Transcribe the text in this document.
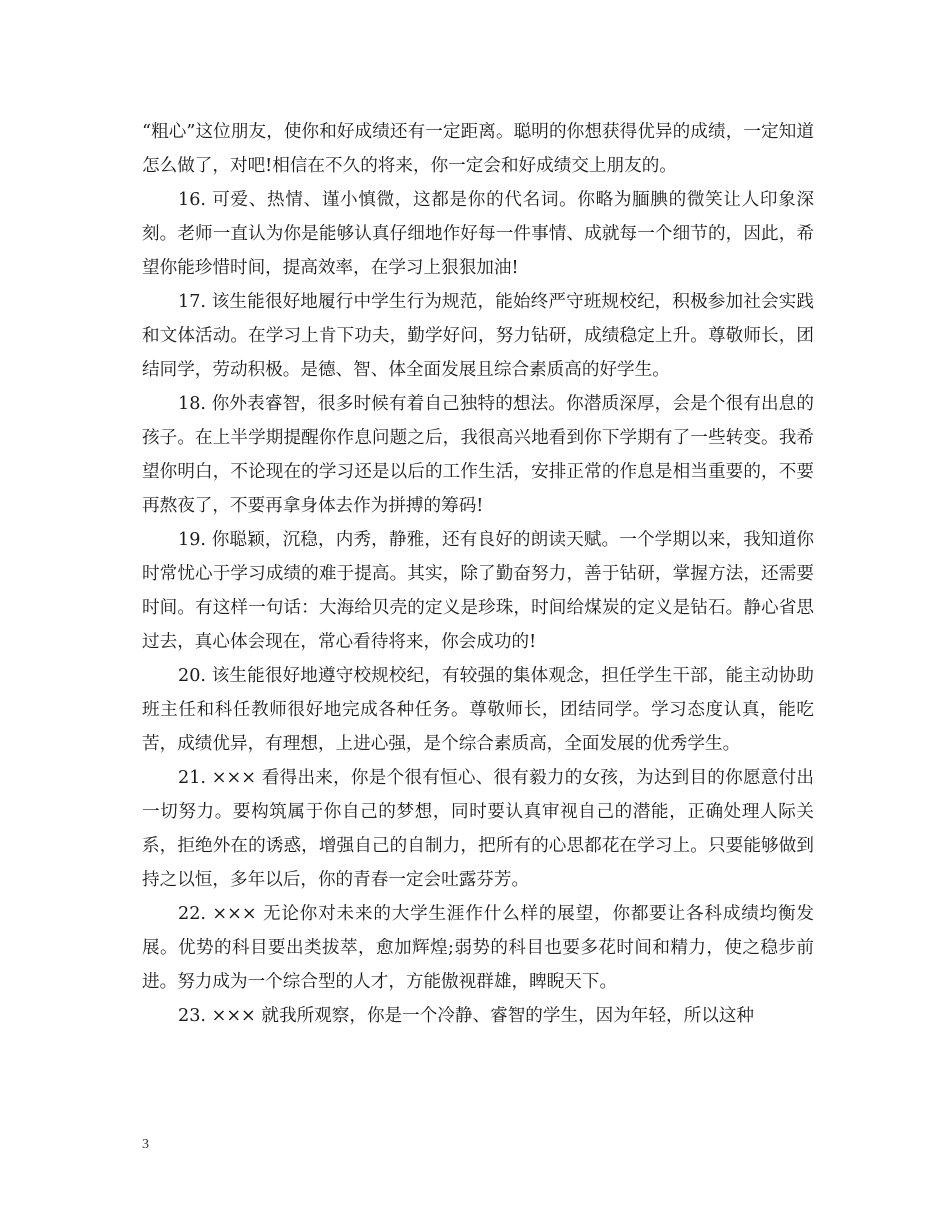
“粗心”这位朋友，使你和好成绩还有一定距离。聪明的你想获得优异的成绩，一定知道怎么做了，对吧!相信在不久的将来，你一定会和好成绩交上朋友的。

16. 可爱、热情、谨小慎微，这都是你的代名词。你略为腼腆的微笑让人印象深刻。老师一直认为你是能够认真仔细地作好每一件事情、成就每一个细节的，因此，希望你能珍惜时间，提高效率，在学习上狠狠加油!

17. 该生能很好地履行中学生行为规范，能始终严守班规校纪，积极参加社会实践和文体活动。在学习上肯下功夫，勤学好问，努力钻研，成绩稳定上升。尊敬师长，团结同学，劳动积极。是德、智、体全面发展且综合素质高的好学生。

18. 你外表睿智，很多时候有着自己独特的想法。你潜质深厚，会是个很有出息的孩子。在上半学期提醒你作息问题之后，我很高兴地看到你下学期有了一些转变。我希望你明白，不论现在的学习还是以后的工作生活，安排正常的作息是相当重要的，不要再熬夜了，不要再拿身体去作为拼搏的筹码!

19. 你聪颖，沉稳，内秀，静雅，还有良好的朗读天赋。一个学期以来，我知道你时常忧心于学习成绩的难于提高。其实，除了勤奋努力，善于钻研，掌握方法，还需要时间。有这样一句话：大海给贝壳的定义是珍珠，时间给煤炭的定义是钻石。静心省思过去，真心体会现在，常心看待将来，你会成功的!

20. 该生能很好地遵守校规校纪，有较强的集体观念，担任学生干部，能主动协助班主任和科任教师很好地完成各种任务。尊敬师长，团结同学。学习态度认真，能吃苦，成绩优异，有理想，上进心强，是个综合素质高，全面发展的优秀学生。

21. ××× 看得出来，你是个很有恒心、很有毅力的女孩，为达到目的你愿意付出一切努力。要构筑属于你自己的梦想，同时要认真审视自己的潜能，正确处理人际关系，拒绝外在的诱惑，增强自己的自制力，把所有的心思都花在学习上。只要能够做到持之以恒，多年以后，你的青春一定会吐露芬芳。

22. ××× 无论你对未来的大学生涯作什么样的展望，你都要让各科成绩均衡发展。优势的科目要出类拔萃，愈加辉煌;弱势的科目也要多花时间和精力，使之稳步前进。努力成为一个综合型的人才，方能傲视群雄，睥睨天下。

23. ××× 就我所观察，你是一个冷静、睿智的学生，因为年轻，所以这种

3
